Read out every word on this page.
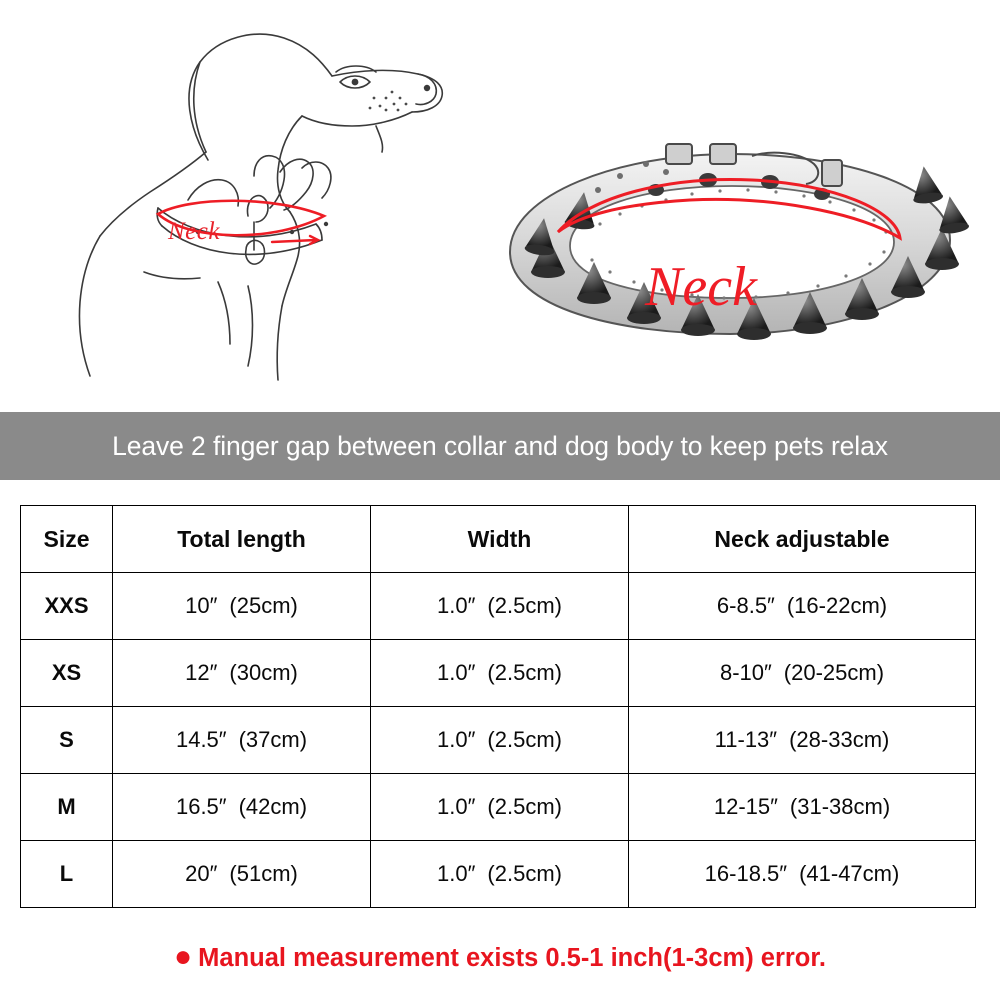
Neck
Neck
Leave 2 finger gap between collar and dog body to keep pets relax
Size	Total length	Width	Neck adjustable
XXS	10″ (25cm)	1.0″ (2.5cm)	6-8.5″ (16-22cm)
XS	12″ (30cm)	1.0″ (2.5cm)	8-10″ (20-25cm)
S	14.5″ (37cm)	1.0″ (2.5cm)	11-13″ (28-33cm)
M	16.5″ (42cm)	1.0″ (2.5cm)	12-15″ (31-38cm)
L	20″ (51cm)	1.0″ (2.5cm)	16-18.5″ (41-47cm)
● Manual measurement exists 0.5-1 inch(1-3cm) error.
